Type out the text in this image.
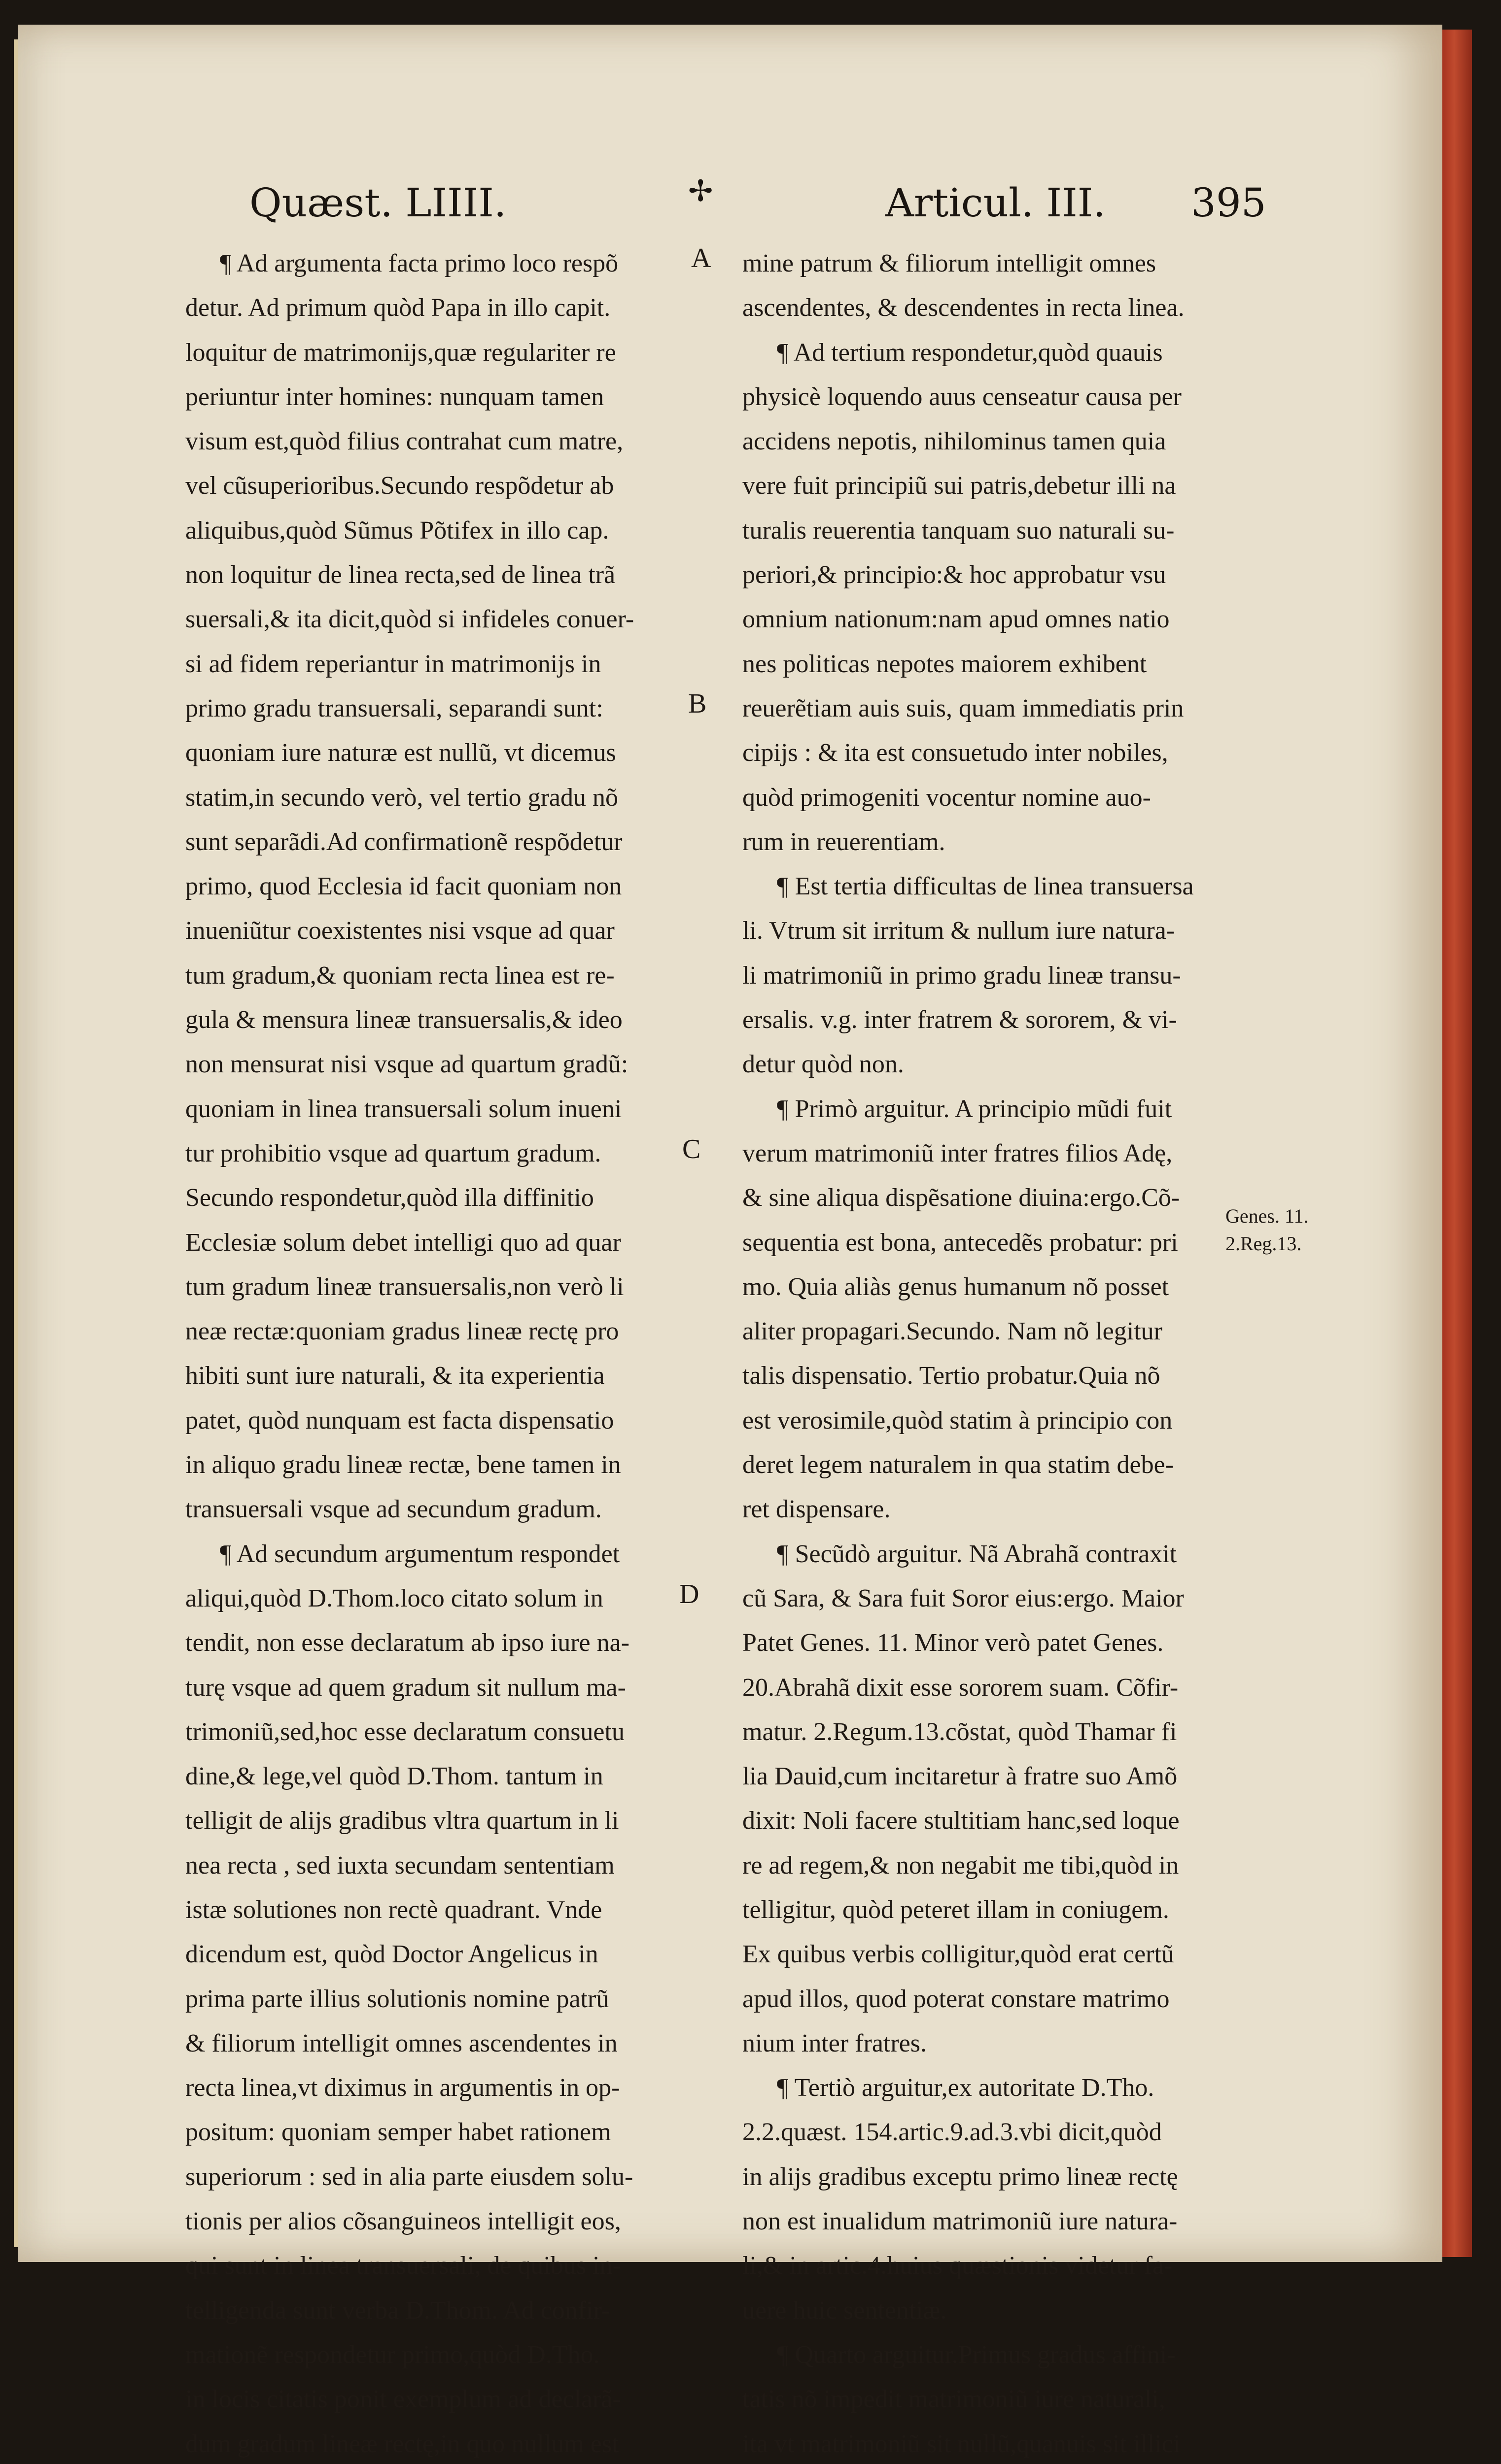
Quæst. LIIII.	✢	Articul. III. 395
¶ Ad argumenta facta primo loco respõ
detur. Ad primum quòd Papa in illo capit.
loquitur de matrimonijs,quæ regulariter re
periuntur inter homines: nunquam tamen
visum est,quòd filius contrahat cum matre,
vel cũsuperioribus.Secundo respõdetur ab
aliquibus,quòd Sũmus Põtifex in illo cap.
non loquitur de linea recta,sed de linea trã
suersali,& ita dicit,quòd si infideles conuer-
si ad fidem reperiantur in matrimonijs in
primo gradu transuersali, separandi sunt:
quoniam iure naturæ est nullũ, vt dicemus
statim,in secundo verò, vel tertio gradu nõ
sunt separãdi.Ad confirmationẽ respõdetur
primo, quod Ecclesia id facit quoniam non
inueniũtur coexistentes nisi vsque ad quar
tum gradum,& quoniam recta linea est re-
gula & mensura lineæ transuersalis,& ideo
non mensurat nisi vsque ad quartum gradũ:
quoniam in linea transuersali solum inueni
tur prohibitio vsque ad quartum gradum.
Secundo respondetur,quòd illa diffinitio
Ecclesiæ solum debet intelligi quo ad quar
tum gradum lineæ transuersalis,non verò li
neæ rectæ:quoniam gradus lineæ rectę pro
hibiti sunt iure naturali, & ita experientia
patet, quòd nunquam est facta dispensatio
in aliquo gradu lineæ rectæ, bene tamen in
transuersali vsque ad secundum gradum.
¶ Ad secundum argumentum respondet
aliqui,quòd D.Thom.loco citato solum in
tendit, non esse declaratum ab ipso iure na-
turę vsque ad quem gradum sit nullum ma-
trimoniũ,sed,hoc esse declaratum consuetu
dine,& lege,vel quòd D.Thom. tantum in
telligit de alijs gradibus vltra quartum in li
nea recta , sed iuxta secundam sententiam
istæ solutiones non rectè quadrant. Vnde
dicendum est, quòd Doctor Angelicus in
prima parte illius solutionis nomine patrũ
& filiorum intelligit omnes ascendentes in
recta linea,vt diximus in argumentis in op-
positum: quoniam semper habet rationem
superiorum : sed in alia parte eiusdem solu-
tionis per alios cõsanguineos intelligit eos,
qui sunt in linea transuersali, de quibus in-
telligenda sunt verba D.Thom. Ad confir-
mationẽ respondetur primo,quòd D.Tho.
in locis citatis ponit exemplum ad declarã-
dum gradum lineæ rectę,in quo nullum est
mine patrum & filiorum intelligit omnes
ascendentes, & descendentes in recta linea.
¶ Ad tertium respondetur,quòd quauis
physicè loquendo auus censeatur causa per
accidens nepotis, nihilominus tamen quia
vere fuit principiũ sui patris,debetur illi na
turalis reuerentia tanquam suo naturali su-
periori,& principio:& hoc approbatur vsu
omnium nationum:nam apud omnes natio
nes politicas nepotes maiorem exhibent
reuerẽtiam auis suis, quam immediatis prin
cipijs : & ita est consuetudo inter nobiles,
quòd primogeniti vocentur nomine auo-
rum in reuerentiam.
¶ Est tertia difficultas de linea transuersa
li. Vtrum sit irritum & nullum iure natura-
li matrimoniũ in primo gradu lineæ transu-
ersalis. v.g. inter fratrem & sororem, & vi-
detur quòd non.
¶ Primò arguitur. A principio mũdi fuit
verum matrimoniũ inter fratres filios Adę,
& sine aliqua dispẽsatione diuina:ergo.Cõ-
sequentia est bona, antecedẽs probatur: pri
mo. Quia aliàs genus humanum nõ posset
aliter propagari.Secundo. Nam nõ legitur
talis dispensatio. Tertio probatur.Quia nõ
est verosimile,quòd statim à principio con
deret legem naturalem in qua statim debe-
ret dispensare.
¶ Secũdò arguitur. Nã Abrahã contraxit
cũ Sara, & Sara fuit Soror eius:ergo. Maior
Patet Genes. 11. Minor verò patet Genes.
20.Abrahã dixit esse sororem suam. Cõfir-
matur. 2.Regum.13.cõstat, quòd Thamar fi
lia Dauid,cum incitaretur à fratre suo Amõ
dixit: Noli facere stultitiam hanc,sed loque
re ad regem,& non negabit me tibi,quòd in
telligitur, quòd peteret illam in coniugem.
Ex quibus verbis colligitur,quòd erat certũ
apud illos, quod poterat constare matrimo
nium inter fratres.
¶ Tertiò arguitur,ex autoritate D.Tho.
2.2.quæst. 154.artic.9.ad.3.vbi dicit,quòd
in alijs gradibus exceptu primo lineæ rectę
non est inualidum matrimoniũ iure natura-
li,& in artic.4.huius quæstionis videtur fa-
uere huic sententiæ.
¶ Quarto arguitur.Primus gradus affini-
tatis nõ impedit matrimoniũ iure naturali,
ita vt matrimoniũ sit nullũ,quanuis sit illici
A
B
C
D
Genes. 11.
2.Reg.13.
